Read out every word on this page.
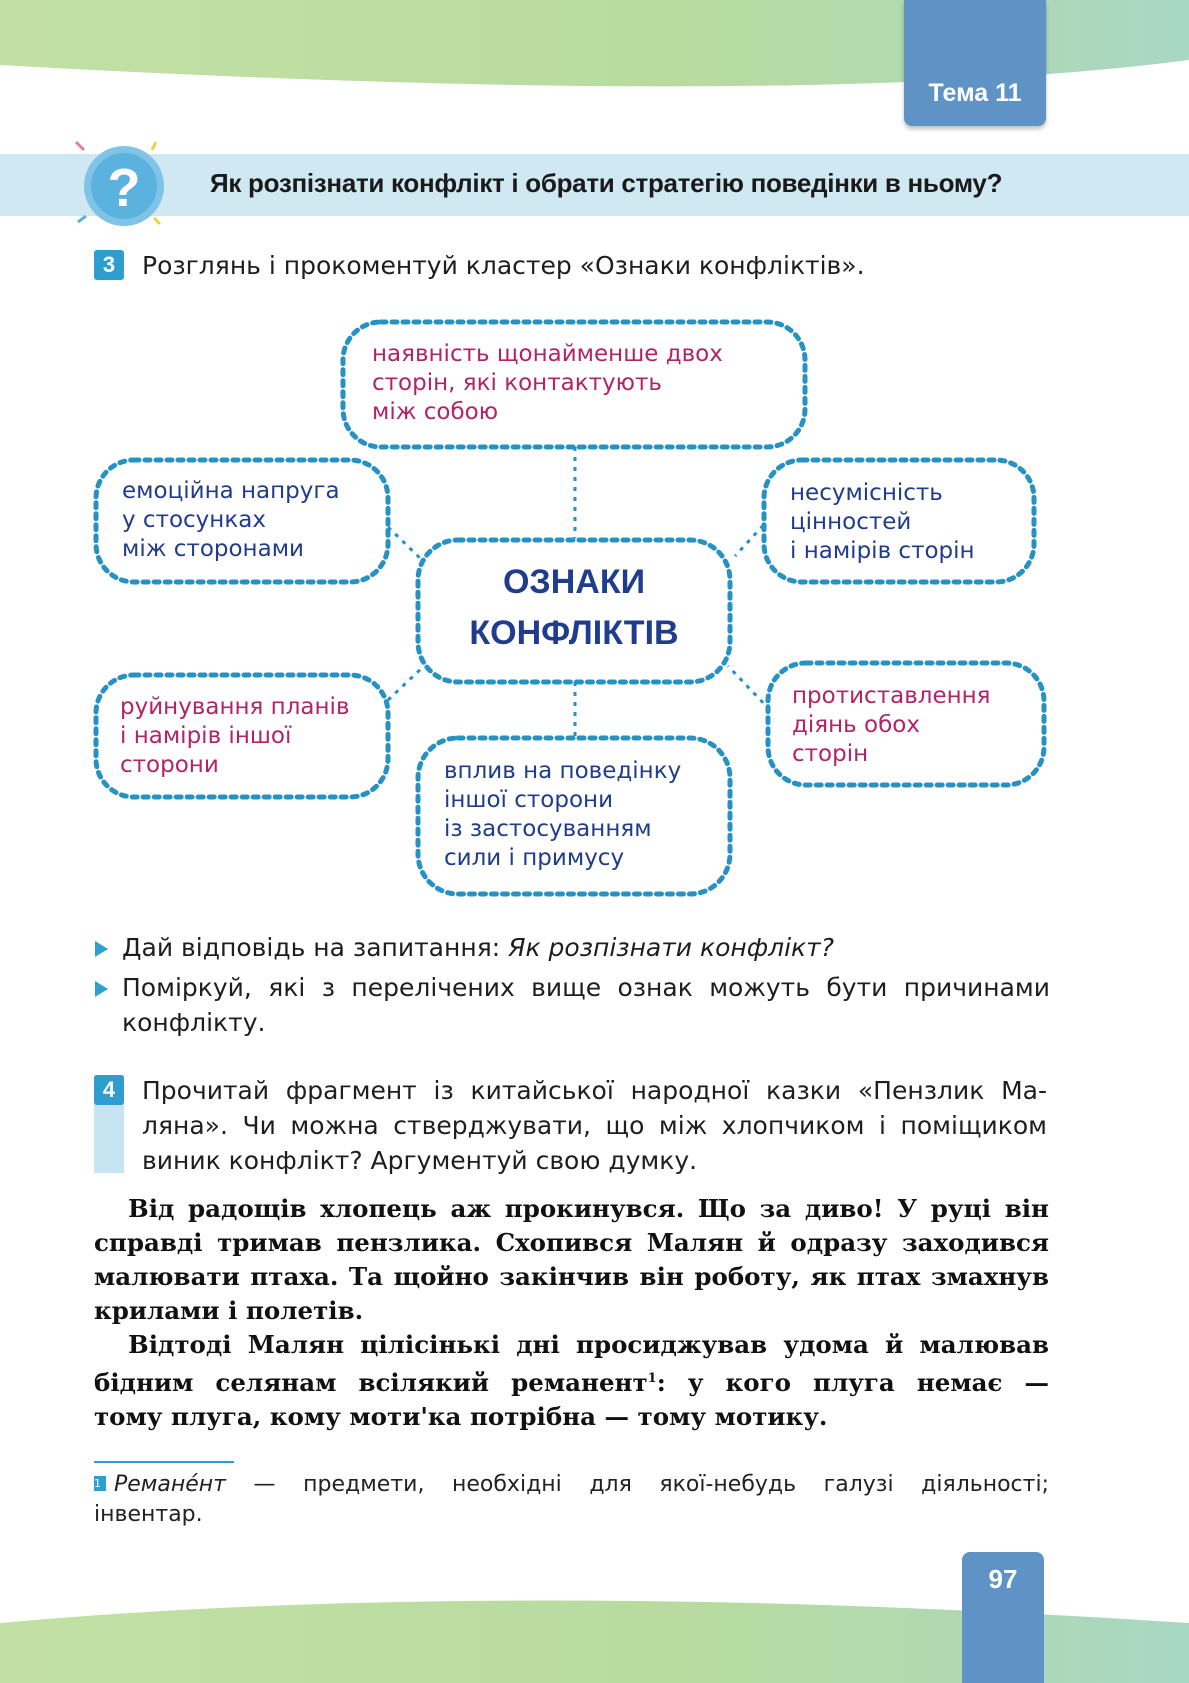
Тема 11
?	Як розпізнати конфлікт і обрати стратегію поведінки в ньому?
3	Розглянь і прокоментуй кластер «Ознаки конфліктів».
ОЗНАКИ
КОНФЛІКТІВ
наявність щонайменше двох
сторін, які контактують
між собою
емоційна напруга
у стосунках
між сторонами
несумісність
цінностей
і намірів сторін
руйнування планів
і намірів іншої
сторони	вплив на поведінку
іншої сторони
із застосуванням
сили і примусу
протиставлення
діянь обох
сторін
Дай відповідь на запитання: Як розпізнати конфлікт?
Поміркуй, які з перелічених вище ознак можуть бути причинами
конфлікту.
4	Прочитай фрагмент із китайської народної казки «Пензлик Ма-
ляна». Чи можна стверджувати, що між хлопчиком і поміщиком
виник конфлікт? Аргументуй свою думку.
Від радощів хлопець аж прокинувся. Що за диво! У руці він
справді тримав пензлика. Схопився Малян й одразу заходився
малювати птаха. Та щойно закінчив він роботу, як птах змахнув
крилами і полетів.
Відтоді Малян цілісінькі дні просиджував удома й малював
бідним селянам всілякий реманент$^1$: у кого плуга немає —
тому плуга, кому моти'ка потрібна — тому мотику.
1 Реманéнт — предмети, необхідні для якої-небудь галузі діяльності;
інвентар.
97
